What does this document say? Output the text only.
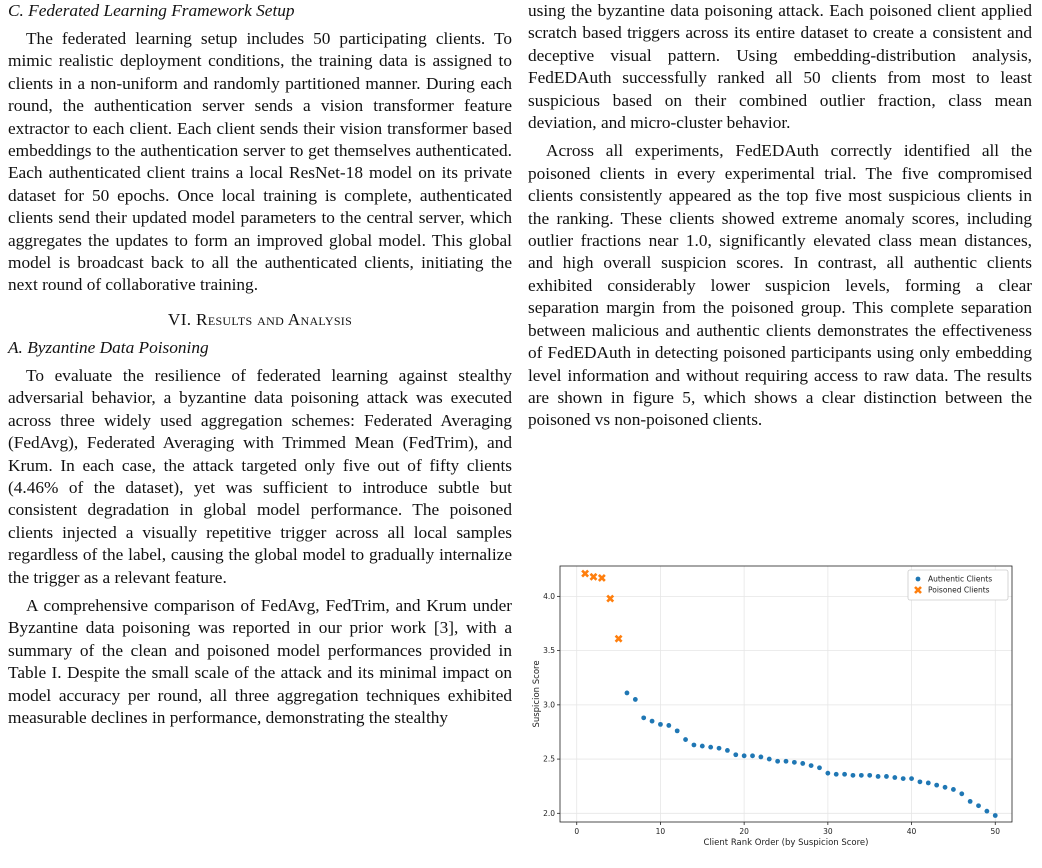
C. Federated Learning Framework Setup

The federated learning setup includes 50 participating clients. To mimic realistic deployment conditions, the training data is assigned to clients in a non-uniform and randomly partitioned manner. During each round, the authentication server sends a vision transformer feature extractor to each client. Each client sends their vision transformer based embeddings to the authentication server to get themselves authenticated. Each authenticated client trains a local ResNet-18 model on its private dataset for 50 epochs. Once local training is complete, authenticated clients send their updated model parameters to the central server, which aggregates the updates to form an improved global model. This global model is broadcast back to all the authenticated clients, initiating the next round of collaborative training.

VI. Results and Analysis

A. Byzantine Data Poisoning

To evaluate the resilience of federated learning against stealthy adversarial behavior, a byzantine data poisoning attack was executed across three widely used aggregation schemes: Federated Averaging (FedAvg), Federated Averaging with Trimmed Mean (FedTrim), and Krum. In each case, the attack targeted only five out of fifty clients (4.46% of the dataset), yet was sufficient to introduce subtle but consistent degradation in global model performance. The poisoned clients injected a visually repetitive trigger across all local samples regardless of the label, causing the global model to gradually internalize the trigger as a relevant feature.

A comprehensive comparison of FedAvg, FedTrim, and Krum under Byzantine data poisoning was reported in our prior work [3], with a summary of the clean and poisoned model performances provided in Table I. Despite the small scale of the attack and its minimal impact on model accuracy per round, all three aggregation techniques exhibited measurable declines in performance, demonstrating the stealthy

using the byzantine data poisoning attack. Each poisoned client applied scratch based triggers across its entire dataset to create a consistent and deceptive visual pattern. Using embedding-distribution analysis, FedEDAuth successfully ranked all 50 clients from most to least suspicious based on their combined outlier fraction, class mean deviation, and micro-cluster behavior.

Across all experiments, FedEDAuth correctly identified all the poisoned clients in every experimental trial. The five compromised clients consistently appeared as the top five most suspicious clients in the ranking. These clients showed extreme anomaly scores, including outlier fractions near 1.0, significantly elevated class mean distances, and high overall suspicion scores. In contrast, all authentic clients exhibited considerably lower suspicion levels, forming a clear separation margin from the poisoned group. This complete separation between malicious and authentic clients demonstrates the effectiveness of FedEDAuth in detecting poisoned participants using only embedding level information and without requiring access to raw data. The results are shown in figure 5, which shows a clear distinction between the poisoned vs non-poisoned clients.

0	10	20	30	40	50
2.0
2.5
3.0
3.5
4.0
Client Rank Order (by Suspicion Score)
Suspicion Score
Authentic Clients
Poisoned Clients
